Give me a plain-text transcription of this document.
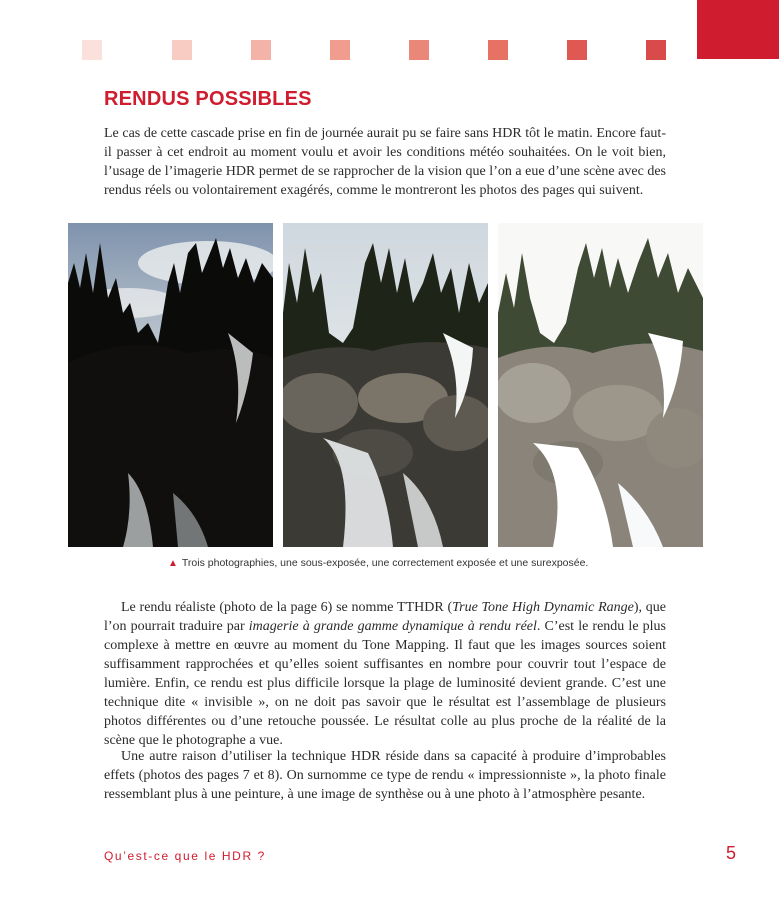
RENDUS POSSIBLES

Le cas de cette cascade prise en fin de journée aurait pu se faire sans HDR tôt le matin. Encore faut-il passer à cet endroit au moment voulu et avoir les conditions météo souhaitées. On le voit bien, l’usage de l’imagerie HDR permet de se rapprocher de la vision que l’on a eue d’une scène avec des rendus réels ou volontairement exagérés, comme le montreront les photos des pages qui suivent.

▲ Trois photographies, une sous-exposée, une correctement exposée et une surexposée.

Le rendu réaliste (photo de la page 6) se nomme TTHDR (True Tone High Dynamic Range), que l’on pourrait traduire par imagerie à grande gamme dynamique à rendu réel. C’est le rendu le plus complexe à mettre en œuvre au moment du Tone Mapping. Il faut que les images sources soient suffisamment rapprochées et qu’elles soient suffisantes en nombre pour couvrir tout l’espace de lumière. Enfin, ce rendu est plus difficile lorsque la plage de luminosité devient grande. C’est une technique dite « invisible », on ne doit pas savoir que le résultat est l’assemblage de plusieurs photos différentes ou d’une retouche poussée. Le résultat colle au plus proche de la réalité de la scène que le photographe a vue.

Une autre raison d’utiliser la technique HDR réside dans sa capacité à produire d’improbables effets (photos des pages 7 et 8). On surnomme ce type de rendu « impressionniste », la photo finale ressemblant plus à une peinture, à une image de synthèse ou à une photo à l’atmosphère pesante.

Qu’est-ce que le HDR ?	5
